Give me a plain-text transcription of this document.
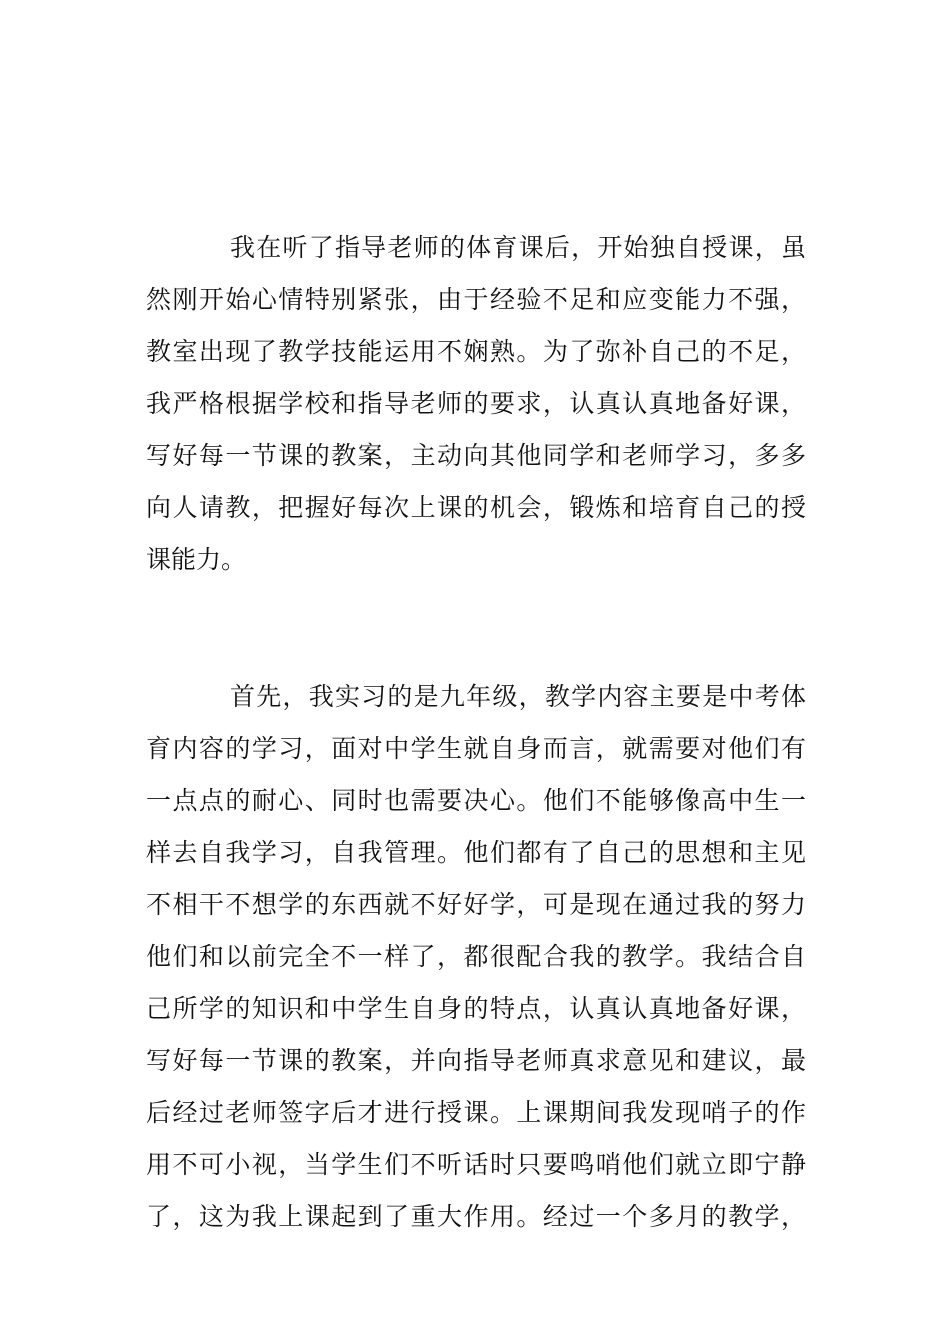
我在听了指导老师的体育课后，开始独自授课，虽

然刚开始心情特别紧张，由于经验不足和应变能力不强，

教室出现了教学技能运用不娴熟。为了弥补自己的不足，

我严格根据学校和指导老师的要求，认真认真地备好课，

写好每一节课的教案，主动向其他同学和老师学习，多多

向人请教，把握好每次上课的机会，锻炼和培育自己的授

课能力。

首先，我实习的是九年级，教学内容主要是中考体

育内容的学习，面对中学生就自身而言，就需要对他们有

一点点的耐心、同时也需要决心。他们不能够像高中生一

样去自我学习，自我管理。他们都有了自己的思想和主见

不相干不想学的东西就不好好学，可是现在通过我的努力

他们和以前完全不一样了，都很配合我的教学。我结合自

己所学的知识和中学生自身的特点，认真认真地备好课，

写好每一节课的教案，并向指导老师真求意见和建议，最

后经过老师签字后才进行授课。上课期间我发现哨子的作

用不可小视，当学生们不听话时只要鸣哨他们就立即宁静

了，这为我上课起到了重大作用。经过一个多月的教学，
